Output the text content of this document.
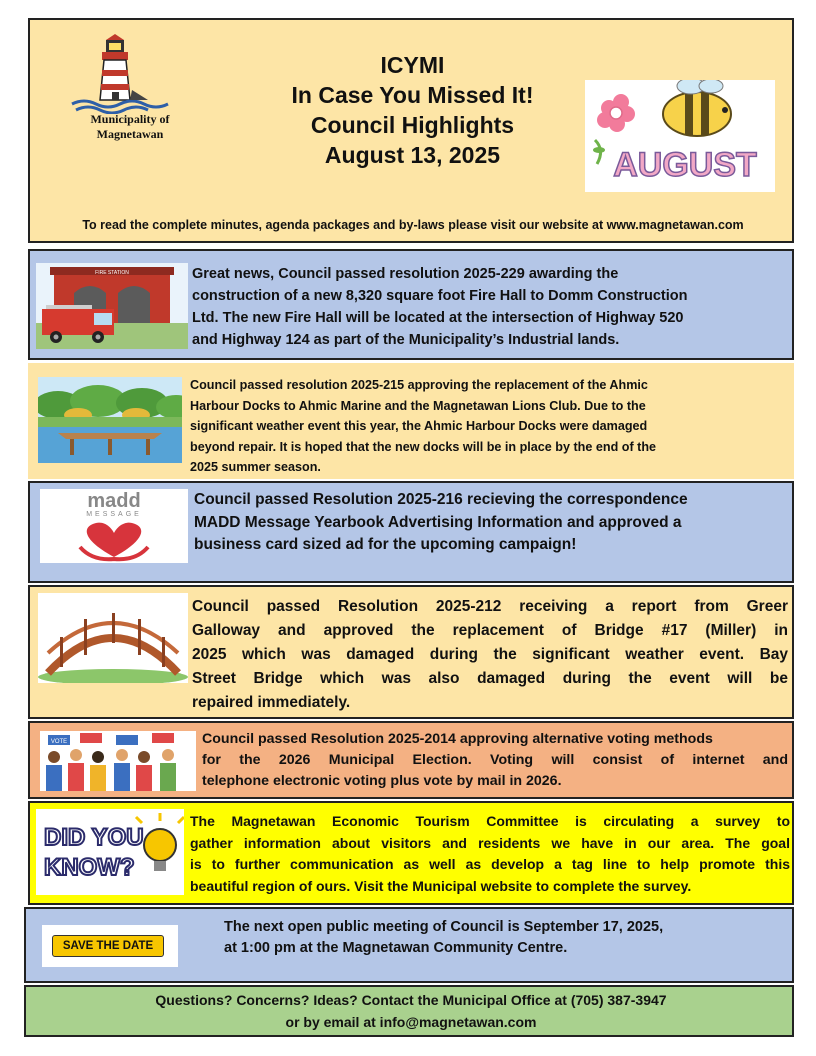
Municipality of
Magnetawan
ICYMI
In Case You Missed It!
Council Highlights
August 13, 2025	AUGUST
To read the complete minutes, agenda packages and by-laws please visit our website at www.magnetawan.com
FIRE STATION	Great news, Council passed resolution 2025-229 awarding the
construction of a new 8,320 square foot Fire Hall to Domm Construction
Ltd. The new Fire Hall will be located at the intersection of Highway 520
and Highway 124 as part of the Municipality’s Industrial lands.
Council passed resolution 2025-215 approving the replacement of the Ahmic
Harbour Docks to Ahmic Marine and the Magnetawan Lions Club. Due to the
significant weather event this year, the Ahmic Harbour Docks were damaged
beyond repair. It is hoped that the new docks will be in place by the end of the
2025 summer season.
madd
MESSAGE
Council passed Resolution 2025-216 recieving the correspondence
MADD Message Yearbook Advertising Information and approved a
business card sized ad for the upcoming campaign!
Council passed Resolution 2025-212 receiving a report from Greer
Galloway and approved the replacement of Bridge #17 (Miller) in
2025 which was damaged during the significant weather event. Bay
Street Bridge which was also damaged during the event will be
repaired immediately.
VOTE	Council passed Resolution 2025-2014 approving alternative voting methods
for the 2026 Municipal Election. Voting will consist of internet and
telephone electronic voting plus vote by mail in 2026.
DID YOU
KNOW?
The Magnetawan Economic Tourism Committee is circulating a survey to
gather information about visitors and residents we have in our area. The goal
is to further communication as well as develop a tag line to help promote this
beautiful region of ours. Visit the Municipal website to complete the survey.
SAVE THE DATE
The next open public meeting of Council is September 17, 2025,
at 1:00 pm at the Magnetawan Community Centre.
Questions? Concerns? Ideas? Contact the Municipal Office at (705) 387-3947
or by email at info@magnetawan.com
